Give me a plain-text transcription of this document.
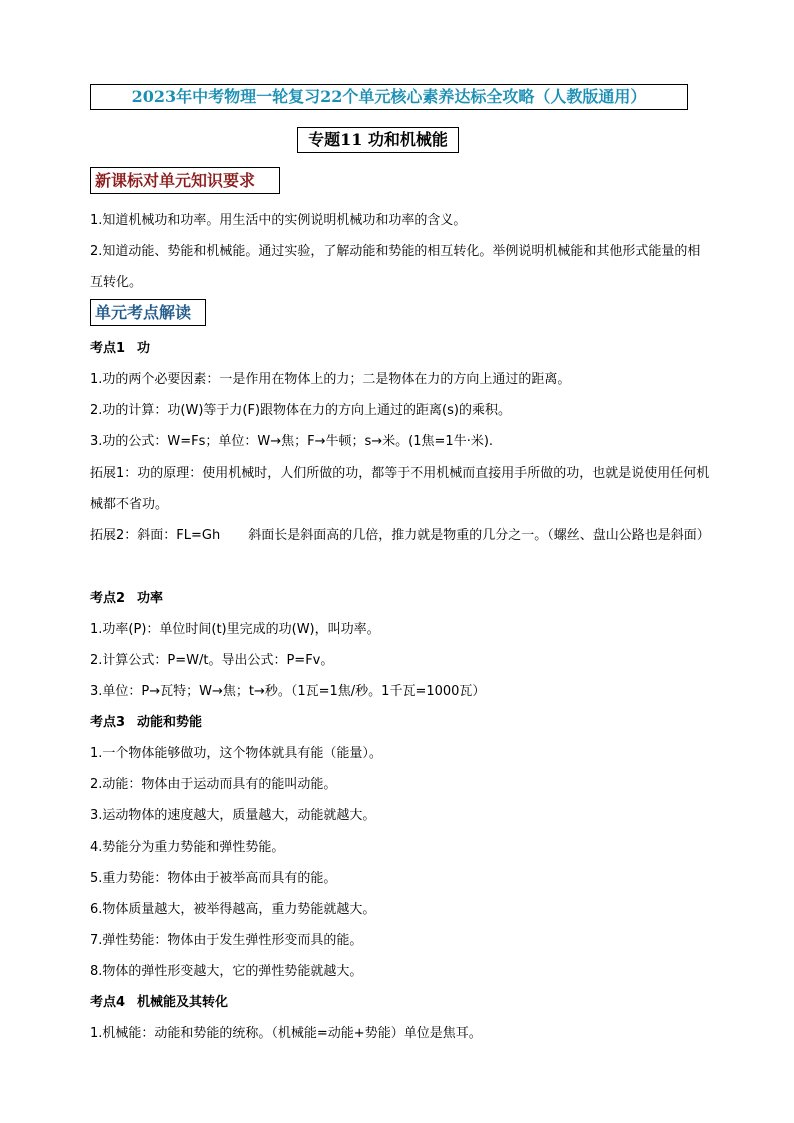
2023年中考物理一轮复习22个单元核心素养达标全攻略（人教版通用）
专题11 功和机械能
新课标对单元知识要求
1.知道机械功和功率。用生活中的实例说明机械功和功率的含义。
2.知道动能、势能和机械能。通过实验，了解动能和势能的相互转化。举例说明机械能和其他形式能量的相互转化。
单元考点解读
考点1 功
1.功的两个必要因素：一是作用在物体上的力；二是物体在力的方向上通过的距离。
2.功的计算：功(W)等于力(F)跟物体在力的方向上通过的距离(s)的乘积。
3.功的公式：W=Fs；单位：W→焦；F→牛顿；s→米。(1焦=1牛·米).
拓展1：功的原理：使用机械时，人们所做的功，都等于不用机械而直接用手所做的功，也就是说使用任何机械都不省功。
拓展2：斜面：FL=Gh 斜面长是斜面高的几倍，推力就是物重的几分之一。（螺丝、盘山公路也是斜面）
考点2 功率
1.功率(P)：单位时间(t)里完成的功(W)，叫功率。
2.计算公式：P=W/t。导出公式：P=Fv。
3.单位：P→瓦特；W→焦；t→秒。（1瓦=1焦/秒。1千瓦=1000瓦）
考点3 动能和势能
1.一个物体能够做功，这个物体就具有能（能量）。
2.动能：物体由于运动而具有的能叫动能。
3.运动物体的速度越大，质量越大，动能就越大。
4.势能分为重力势能和弹性势能。
5.重力势能：物体由于被举高而具有的能。
6.物体质量越大，被举得越高，重力势能就越大。
7.弹性势能：物体由于发生弹性形变而具的能。
8.物体的弹性形变越大，它的弹性势能就越大。
考点4 机械能及其转化
1.机械能：动能和势能的统称。（机械能=动能+势能）单位是焦耳。
